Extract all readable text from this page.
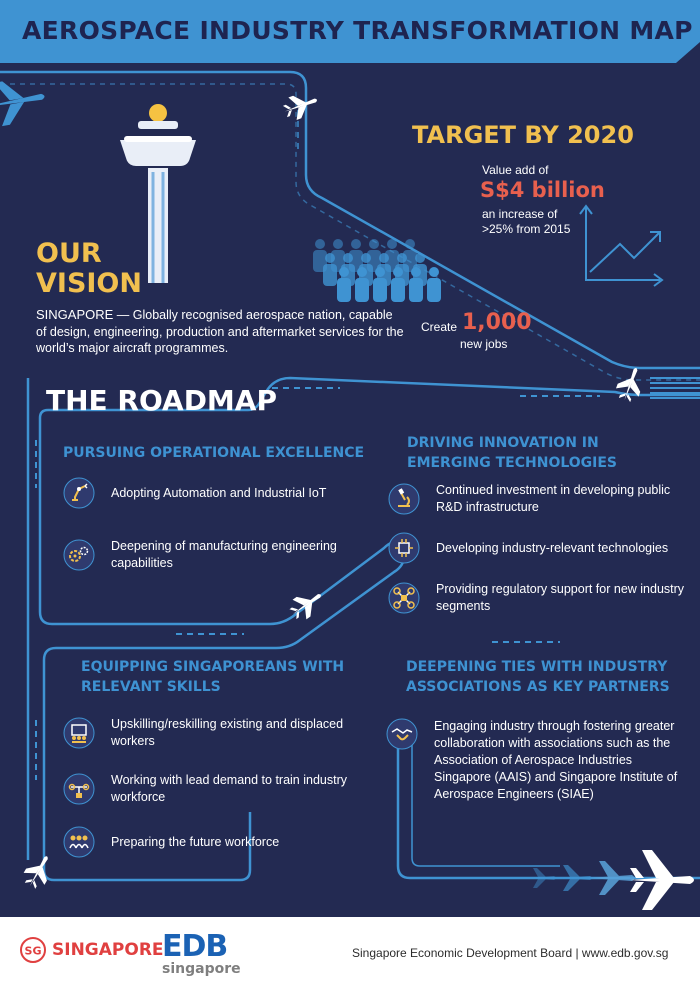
AEROSPACE INDUSTRY TRANSFORMATION MAP
OUR VISION
SINGAPORE — Globally recognised aerospace nation, capable of design, engineering, production and aftermarket services for the world’s major aircraft programmes.
TARGET BY 2020
Value add of
S$4 billion
an increase of >25% from 2015
Create 1,000
new jobs
THE ROADMAP
PURSUING OPERATIONAL EXCELLENCE
Adopting Automation and Industrial IoT
Deepening of manufacturing engineering capabilities
DRIVING INNOVATION IN EMERGING TECHNOLOGIES
Continued investment in developing public R&D infrastructure
Developing industry-relevant technologies
Providing regulatory support for new industry segments
EQUIPPING SINGAPOREANS WITH RELEVANT SKILLS
Upskilling/reskilling existing and displaced workers
Working with lead demand to train industry workforce
Preparing the future workforce
DEEPENING TIES WITH INDUSTRY ASSOCIATIONS AS KEY PARTNERS
Engaging industry through fostering greater collaboration with associations such as the Association of Aerospace Industries Singapore (AAIS) and Singapore Institute of Aerospace Engineers (SIAE)
SG SINGAPORE
EDB
singapore
Singapore Economic Development Board | www.edb.gov.sg
